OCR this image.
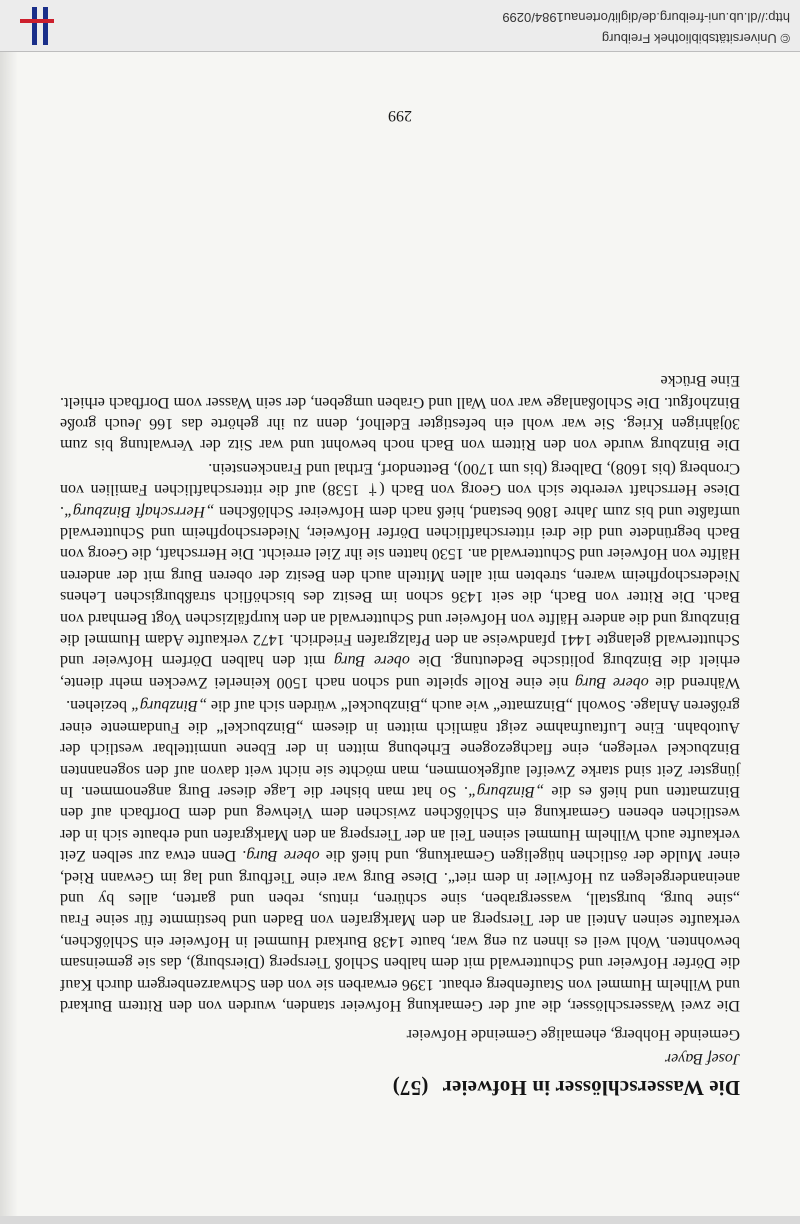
Die Wasserschlösser in Hofweier(57)

Josef Bayer

Gemeinde Hohberg, ehemalige Gemeinde Hofweier

Die zwei Wasserschlösser, die auf der Gemarkung Hofweier standen, wurden von den Rittern Burkard und Wilhelm Hummel von Staufenberg erbaut. 1396 erwarben sie von den Schwarzenbergern durch Kauf die Dörfer Hofweier und Schutterwald mit dem halben Schloß Tiersperg (Diersburg), das sie gemeinsam bewohnten. Wohl weil es ihnen zu eng war, baute 1438 Burkard Hummel in Hofweier ein Schlößchen, verkaufte seinen Anteil an der Tiersperg an den Markgrafen von Baden und bestimmte für seine Frau „sine burg, burgstall, wassergraben, sine schüren, rintus, reben und garten, alles by und aneinandergelegen zu Hofwiler in dem riet“. Diese Burg war eine Tiefburg und lag im Gewann Ried, einer Mulde der östlichen hügeligen Gemarkung, und hieß die obere Burg. Denn etwa zur selben Zeit verkaufte auch Wilhelm Hummel seinen Teil an der Tiersperg an den Markgrafen und erbaute sich in der westlichen ebenen Gemarkung ein Schlößchen zwischen dem Viehweg und dem Dorfbach auf den Binzmatten und hieß es die „Binzburg“. So hat man bisher die Lage dieser Burg angenommen. In jüngster Zeit sind starke Zweifel aufgekommen, man möchte sie nicht weit davon auf den sogenannten Binzbuckel verlegen, eine flachgezogene Erhebung mitten in der Ebene unmittelbar westlich der Autobahn. Eine Luftaufnahme zeigt nämlich mitten in diesem „Binzbuckel“ die Fundamente einer größeren Anlage. Sowohl „Binzmatte“ wie auch „Binzbuckel“ würden sich auf die „Binzburg“ beziehen.

Während die obere Burg nie eine Rolle spielte und schon nach 1500 keinerlei Zwecken mehr diente, erhielt die Binzburg politische Bedeutung. Die obere Burg mit den halben Dörfern Hofweier und Schutterwald gelangte 1441 pfandweise an den Pfalzgrafen Friedrich. 1472 verkaufte Adam Hummel die Binzburg und die andere Hälfte von Hofweier und Schutterwald an den kurpfälzischen Vogt Bernhard von Bach. Die Ritter von Bach, die seit 1436 schon im Besitz des bischöflich straßburgischen Lehens Niederschopfheim waren, strebten mit allen Mitteln auch den Besitz der oberen Burg mit der anderen Hälfte von Hofweier und Schutterwald an. 1530 hatten sie ihr Ziel erreicht. Die Herrschaft, die Georg von Bach begründete und die drei ritterschaftlichen Dörfer Hofweier, Niederschopfheim und Schutterwald umfaßte und bis zum Jahre 1806 bestand, hieß nach dem Hofweirer Schlößchen „Herrschaft Binzburg“. Diese Herrschaft vererbte sich von Georg von Bach († 1538) auf die ritterschaftlichen Familien von Cronberg (bis 1608), Dalberg (bis um 1700), Bettendorf, Erthal und Franckenstein.

Die Binzburg wurde von den Rittern von Bach noch bewohnt und war Sitz der Verwaltung bis zum 30jährigen Krieg. Sie war wohl ein befestigter Edelhof, denn zu ihr gehörte das 166 Jeuch große Binzhofgut. Die Schloßanlage war von Wall und Graben umgeben, der sein Wasser vom Dorfbach erhielt. Eine Brücke

299
© Universitätsbibliothek Freiburg
http://dl.ub.uni-freiburg.de/diglit/ortenau1984/0299
